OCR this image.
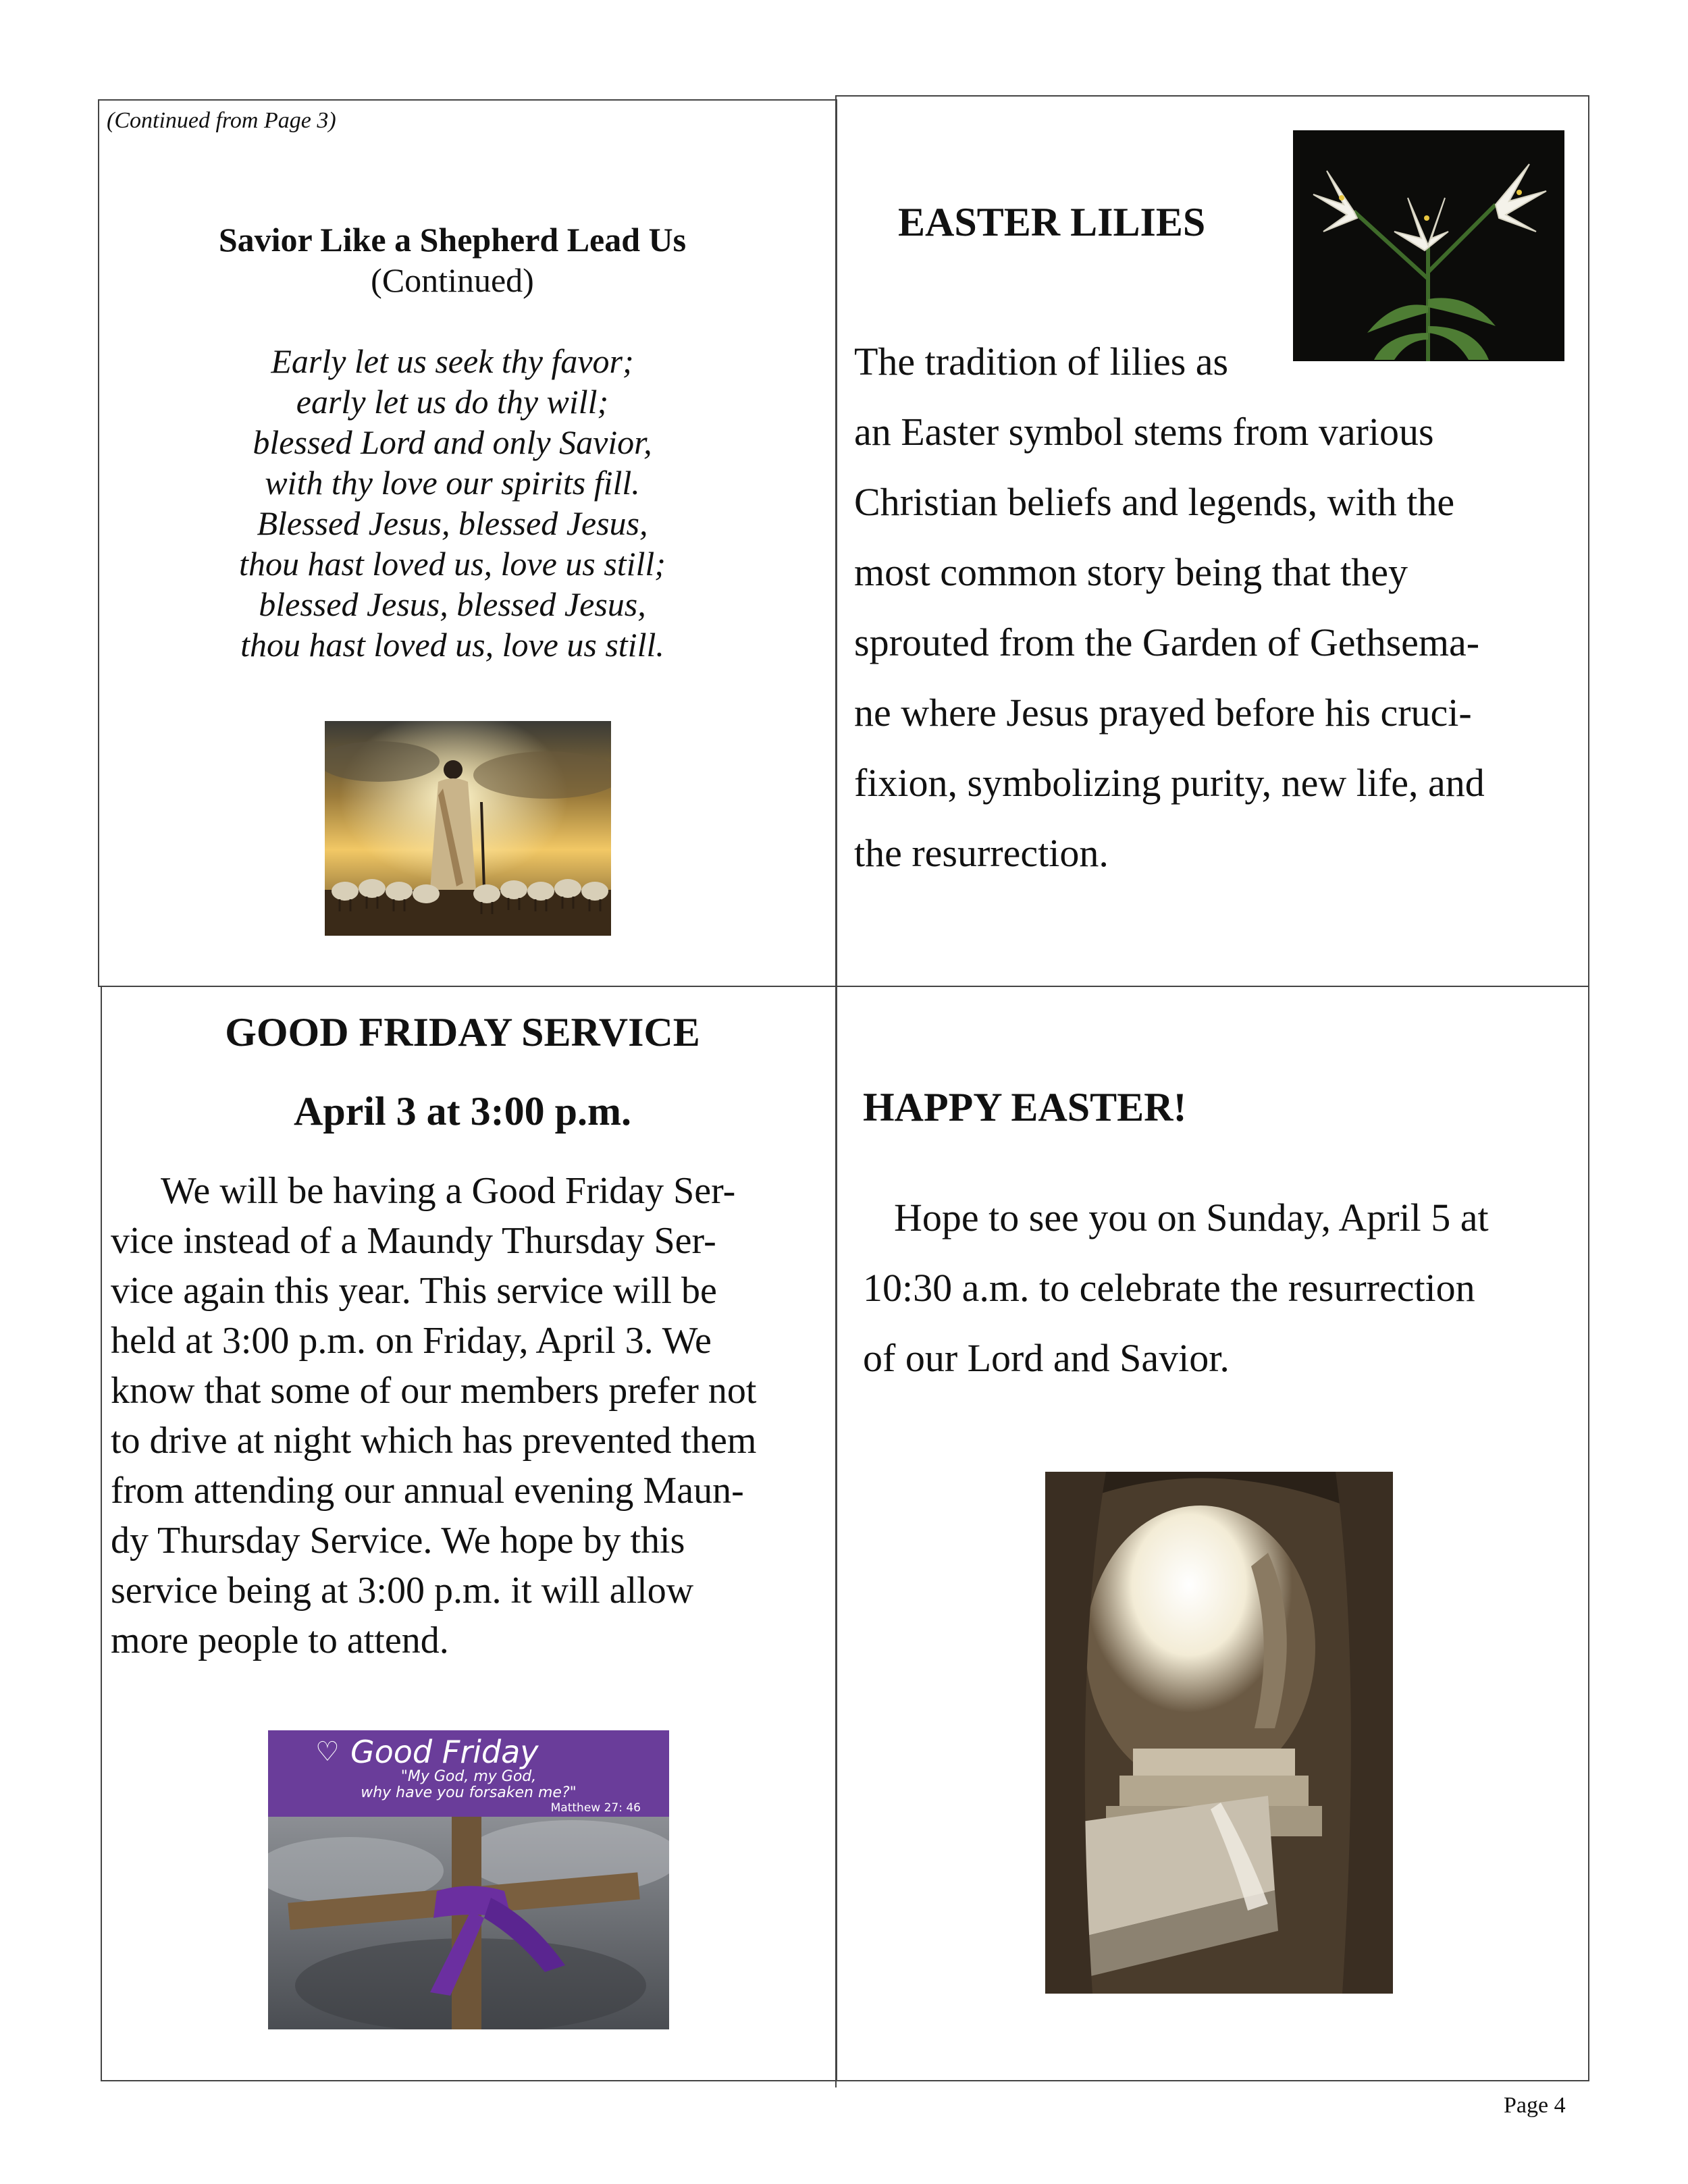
(Continued from Page 3)
Savior Like a Shepherd Lead Us
(Continued)
Early let us seek thy favor;
early let us do thy will;
blessed Lord and only Savior,
with thy love our spirits fill.
Blessed Jesus, blessed Jesus,
thou hast loved us, love us still;
blessed Jesus, blessed Jesus,
thou hast loved us, love us still.
EASTER LILIES
The tradition of lilies as
an Easter symbol stems from various
Christian beliefs and legends, with the
most common story being that they
sprouted from the Garden of Gethsema-
ne where Jesus prayed before his cruci-
fixion, symbolizing purity, new life, and
the resurrection.
GOOD FRIDAY SERVICE
April 3 at 3:00 p.m.
We will be having a Good Friday Ser-
vice instead of a Maundy Thursday Ser-
vice again this year. This service will be
held at 3:00 p.m. on Friday, April 3. We
know that some of our members prefer not
to drive at night which has prevented them
from attending our annual evening Maun-
dy Thursday Service. We hope by this
service being at 3:00 p.m. it will allow
more people to attend.
♡ Good Friday
"My God, my God,
why have you forsaken me?"
Matthew 27: 46
HAPPY EASTER!
Hope to see you on Sunday, April 5 at
10:30 a.m. to celebrate the resurrection
of our Lord and Savior.
Page 4
